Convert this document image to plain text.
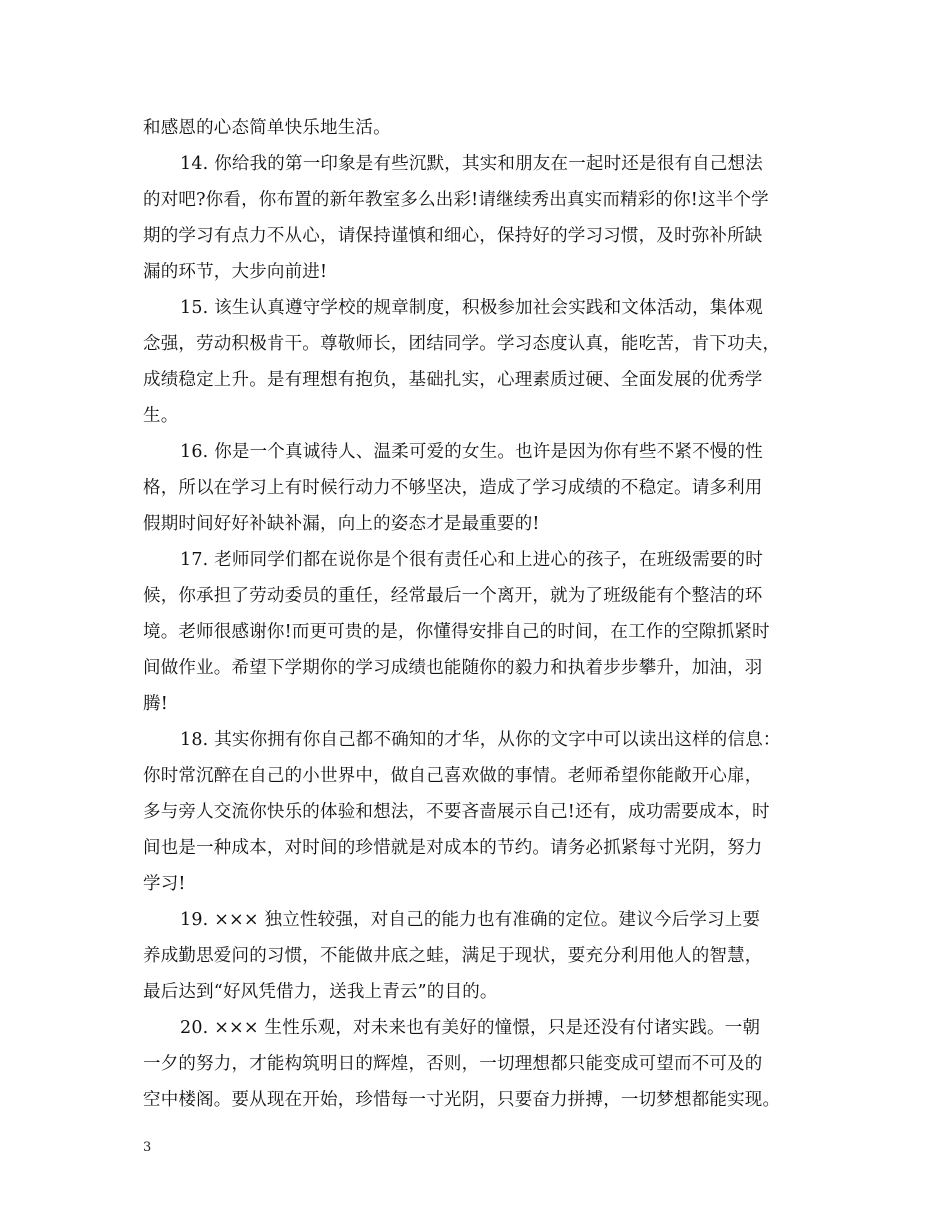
和感恩的心态简单快乐地生活。
14. 你给我的第一印象是有些沉默，其实和朋友在一起时还是很有自己想法
的对吧?你看，你布置的新年教室多么出彩!请继续秀出真实而精彩的你!这半个学
期的学习有点力不从心，请保持谨慎和细心，保持好的学习习惯，及时弥补所缺
漏的环节，大步向前进!
15. 该生认真遵守学校的规章制度，积极参加社会实践和文体活动，集体观
念强，劳动积极肯干。尊敬师长，团结同学。学习态度认真，能吃苦，肯下功夫，
成绩稳定上升。是有理想有抱负，基础扎实，心理素质过硬、全面发展的优秀学
生。
16. 你是一个真诚待人、温柔可爱的女生。也许是因为你有些不紧不慢的性
格，所以在学习上有时候行动力不够坚决，造成了学习成绩的不稳定。请多利用
假期时间好好补缺补漏，向上的姿态才是最重要的!
17. 老师同学们都在说你是个很有责任心和上进心的孩子，在班级需要的时
候，你承担了劳动委员的重任，经常最后一个离开，就为了班级能有个整洁的环
境。老师很感谢你!而更可贵的是，你懂得安排自己的时间，在工作的空隙抓紧时
间做作业。希望下学期你的学习成绩也能随你的毅力和执着步步攀升，加油，羽
腾!
18. 其实你拥有你自己都不确知的才华，从你的文字中可以读出这样的信息：
你时常沉醉在自己的小世界中，做自己喜欢做的事情。老师希望你能敞开心扉，
多与旁人交流你快乐的体验和想法，不要吝啬展示自己!还有，成功需要成本，时
间也是一种成本，对时间的珍惜就是对成本的节约。请务必抓紧每寸光阴，努力
学习!
19. ××× 独立性较强，对自己的能力也有准确的定位。建议今后学习上要
养成勤思爱问的习惯，不能做井底之蛙，满足于现状，要充分利用他人的智慧，
最后达到“好风凭借力，送我上青云”的目的。
20. ××× 生性乐观，对未来也有美好的憧憬，只是还没有付诸实践。一朝
一夕的努力，才能构筑明日的辉煌，否则，一切理想都只能变成可望而不可及的
空中楼阁。要从现在开始，珍惜每一寸光阴，只要奋力拼搏，一切梦想都能实现。
3
